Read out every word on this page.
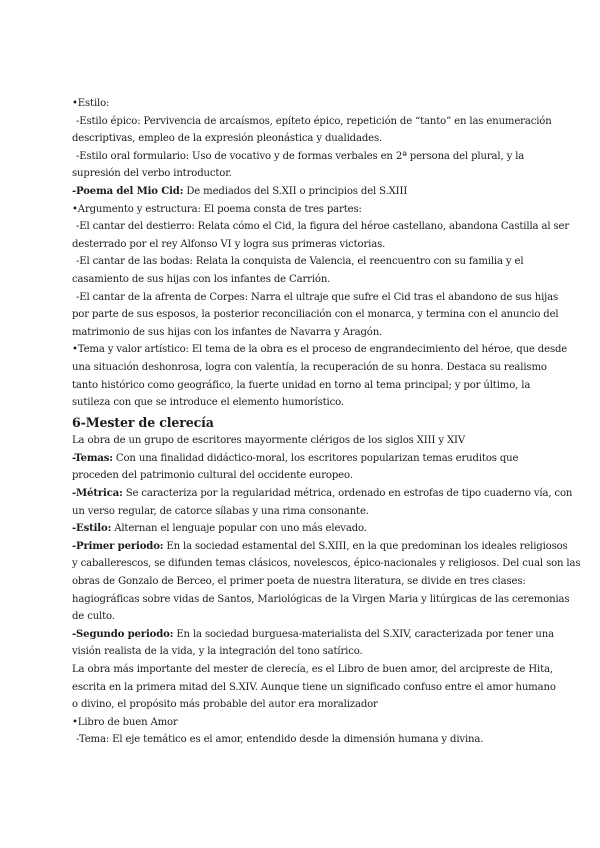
•Estilo:
-Estilo épico: Pervivencia de arcaísmos, epíteto épico, repetición de “tanto” en las enumeración
descriptivas, empleo de la expresión pleonástica y dualidades.
-Estilo oral formulario: Uso de vocativo y de formas verbales en 2ª persona del plural, y la
supresión del verbo introductor.
-Poema del Mio Cid: De mediados del S.XII o principios del S.XIII
•Argumento y estructura: El poema consta de tres partes:
-El cantar del destierro: Relata cómo el Cid, la figura del héroe castellano, abandona Castilla al ser
desterrado por el rey Alfonso VI y logra sus primeras victorias.
-El cantar de las bodas: Relata la conquista de Valencia, el reencuentro con su familia y el
casamiento de sus hijas con los infantes de Carrión.
-El cantar de la afrenta de Corpes: Narra el ultraje que sufre el Cid tras el abandono de sus hijas
por parte de sus esposos, la posterior reconciliación con el monarca, y termina con el anuncio del
matrimonio de sus hijas con los infantes de Navarra y Aragón.
•Tema y valor artístico: El tema de la obra es el proceso de engrandecimiento del héroe, que desde
una situación deshonrosa, logra con valentía, la recuperación de su honra. Destaca su realismo
tanto histórico como geográfico, la fuerte unidad en torno al tema principal; y por último, la
sutileza con que se introduce el elemento humorístico.
6-Mester de clerecía
La obra de un grupo de escritores mayormente clérigos de los siglos XIII y XIV
-Temas: Con una finalidad didáctico-moral, los escritores popularizan temas eruditos que
proceden del patrimonio cultural del occidente europeo.
-Métrica: Se caracteriza por la regularidad métrica, ordenado en estrofas de tipo cuaderno vía, con
un verso regular, de catorce sílabas y una rima consonante.
-Estilo: Alternan el lenguaje popular con uno más elevado.
-Primer periodo: En la sociedad estamental del S.XIII, en la que predominan los ideales religiosos
y caballerescos, se difunden temas clásicos, novelescos, épico-nacionales y religiosos. Del cual son las
obras de Gonzalo de Berceo, el primer poeta de nuestra literatura, se divide en tres clases:
hagiográficas sobre vidas de Santos, Mariológicas de la Virgen Maria y litúrgicas de las ceremonias
de culto.
-Segundo periodo: En la sociedad burguesa-materialista del S.XIV, caracterizada por tener una
visión realista de la vida, y la integración del tono satírico.
La obra más importante del mester de clerecía, es el Libro de buen amor, del arcipreste de Hita,
escrita en la primera mitad del S.XIV. Aunque tiene un significado confuso entre el amor humano
o divino, el propósito más probable del autor era moralizador
•Libro de buen Amor
-Tema: El eje temático es el amor, entendido desde la dimensión humana y divina.
